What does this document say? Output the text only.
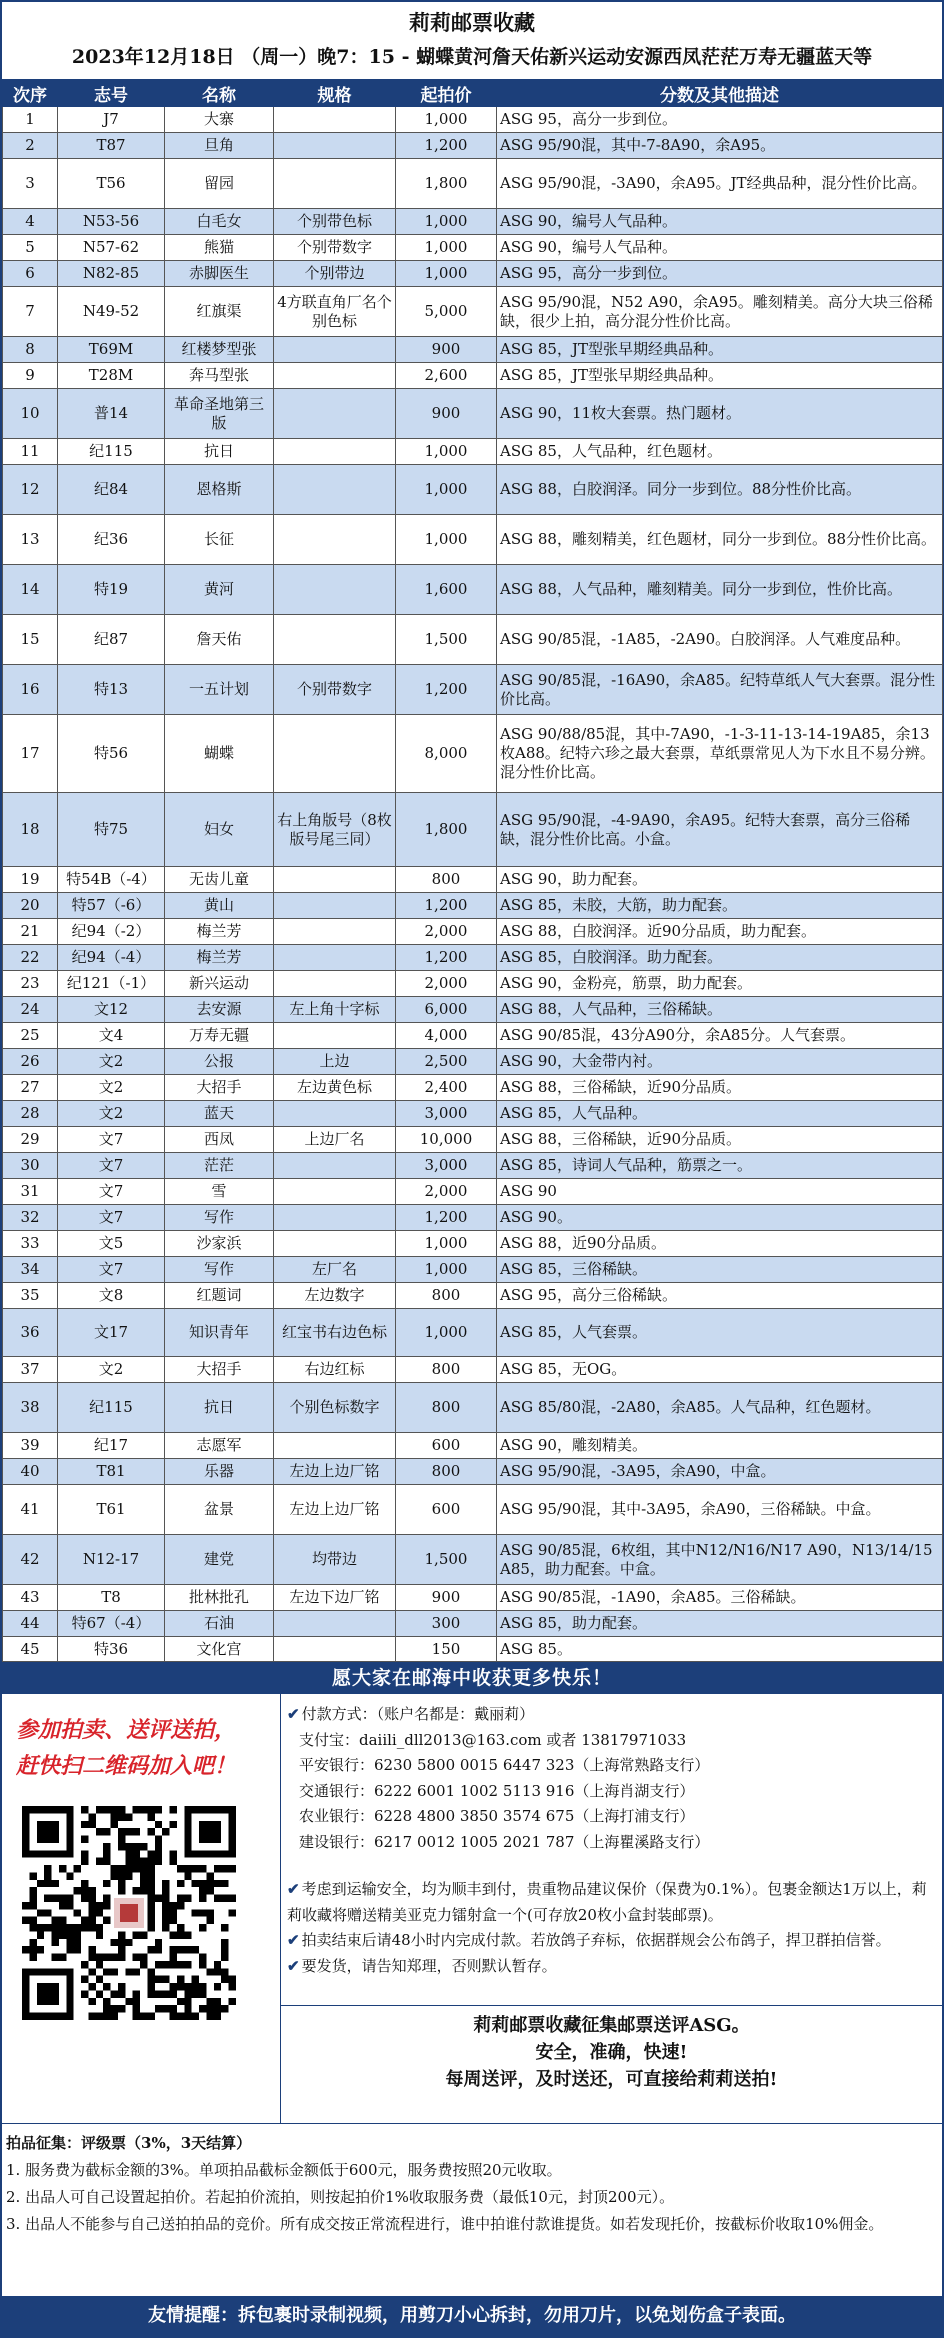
莉莉邮票收藏
2023年12月18日 （周一）晚7：15 - 蝴蝶黄河詹天佑新兴运动安源西凤茫茫万寿无疆蓝天等
次序	志号	名称	规格	起拍价	分数及其他描述
1	J7	大寨		1,000	ASG 95，高分一步到位。
2	T87	旦角		1,200	ASG 95/90混，其中-7-8A90，余A95。
3	T56	留园		1,800	ASG 95/90混，-3A90，余A95。JT经典品种，混分性价比高。
4	N53-56	白毛女	个别带色标	1,000	ASG 90，编号人气品种。
5	N57-62	熊猫	个别带数字	1,000	ASG 90，编号人气品种。
6	N82-85	赤脚医生	个别带边	1,000	ASG 95，高分一步到位。
7	N49-52	红旗渠	4方联直角厂名个别色标	5,000	ASG 95/90混，N52 A90，余A95。雕刻精美。高分大块三俗稀缺，很少上拍，高分混分性价比高。
8	T69M	红楼梦型张		900	ASG 85，JT型张早期经典品种。
9	T28M	奔马型张		2,600	ASG 85，JT型张早期经典品种。
10	普14	革命圣地第三版		900	ASG 90，11枚大套票。热门题材。
11	纪115	抗日		1,000	ASG 85，人气品种，红色题材。
12	纪84	恩格斯		1,000	ASG 88，白胶润泽。同分一步到位。88分性价比高。
13	纪36	长征		1,000	ASG 88，雕刻精美，红色题材，同分一步到位。88分性价比高。
14	特19	黄河		1,600	ASG 88，人气品种，雕刻精美。同分一步到位，性价比高。
15	纪87	詹天佑		1,500	ASG 90/85混，-1A85，-2A90。白胶润泽。人气难度品种。
16	特13	一五计划	个别带数字	1,200	ASG 90/85混，-16A90，余A85。纪特草纸人气大套票。混分性价比高。
17	特56	蝴蝶		8,000	ASG 90/88/85混，其中-7A90，-1-3-11-13-14-19A85，余13枚A88。纪特六珍之最大套票，草纸票常见人为下水且不易分辨。混分性价比高。
18	特75	妇女	右上角版号（8枚版号尾三同）	1,800	ASG 95/90混，-4-9A90，余A95。纪特大套票，高分三俗稀缺，混分性价比高。小盒。
19	特54B（-4）	无齿儿童		800	ASG 90，助力配套。
20	特57（-6）	黄山		1,200	ASG 85，未胶，大筋，助力配套。
21	纪94（-2）	梅兰芳		2,000	ASG 88，白胶润泽。近90分品质，助力配套。
22	纪94（-4）	梅兰芳		1,200	ASG 85，白胶润泽。助力配套。
23	纪121（-1）	新兴运动		2,000	ASG 90，金粉亮，筋票，助力配套。
24	文12	去安源	左上角十字标	6,000	ASG 88，人气品种，三俗稀缺。
25	文4	万寿无疆		4,000	ASG 90/85混，43分A90分，余A85分。人气套票。
26	文2	公报	上边	2,500	ASG 90，大金带内衬。
27	文2	大招手	左边黄色标	2,400	ASG 88，三俗稀缺，近90分品质。
28	文2	蓝天		3,000	ASG 85，人气品种。
29	文7	西凤	上边厂名	10,000	ASG 88，三俗稀缺，近90分品质。
30	文7	茫茫		3,000	ASG 85，诗词人气品种，筋票之一。
31	文7	雪		2,000	ASG 90
32	文7	写作		1,200	ASG 90。
33	文5	沙家浜		1,000	ASG 88，近90分品质。
34	文7	写作	左厂名	1,000	ASG 85，三俗稀缺。
35	文8	红题词	左边数字	800	ASG 95，高分三俗稀缺。
36	文17	知识青年	红宝书右边色标	1,000	ASG 85，人气套票。
37	文2	大招手	右边红标	800	ASG 85，无OG。
38	纪115	抗日	个别色标数字	800	ASG 85/80混，-2A80，余A85。人气品种，红色题材。
39	纪17	志愿军		600	ASG 90，雕刻精美。
40	T81	乐器	左边上边厂铭	800	ASG 95/90混，-3A95，余A90，中盒。
41	T61	盆景	左边上边厂铭	600	ASG 95/90混，其中-3A95，余A90，三俗稀缺。中盒。
42	N12-17	建党	均带边	1,500	ASG 90/85混，6枚组，其中N12/N16/N17 A90，N13/14/15 A85，助力配套。中盒。
43	T8	批林批孔	左边下边厂铭	900	ASG 90/85混，-1A90，余A85。三俗稀缺。
44	特67（-4）	石油		300	ASG 85，助力配套。
45	特36	文化宫		150	ASG 85。
愿大家在邮海中收获更多快乐！
参加拍卖、送评送拍，
赶快扫二维码加入吧！
✔ 付款方式：（账户名都是：戴丽莉）
支付宝：daiili_dll2013@163.com 或者 13817971033
平安银行：6230 5800 0015 6447 323（上海常熟路支行）
交通银行：6222 6001 1002 5113 916（上海肖湖支行）
农业银行：6228 4800 3850 3574 675（上海打浦支行）
建设银行：6217 0012 1005 2021 787（上海瞿溪路支行）
✔ 考虑到运输安全，均为顺丰到付，贵重物品建议保价（保费为0.1%）。包裹金额达1万以上，莉莉收藏将赠送精美亚克力镭射盒一个(可存放20枚小盒封装邮票)。
✔ 拍卖结束后请48小时内完成付款。若放鸽子弃标，依据群规会公布鸽子，捍卫群拍信誉。
✔ 要发货，请告知郑理，否则默认暂存。
莉莉邮票收藏征集邮票送评ASG。
安全，准确，快速!
每周送评，及时送还，可直接给莉莉送拍!
拍品征集：评级票（3%，3天结算）
1. 服务费为截标金额的3%。单项拍品截标金额低于600元，服务费按照20元收取。
2. 出品人可自己设置起拍价。若起拍价流拍，则按起拍价1%收取服务费（最低10元，封顶200元）。
3. 出品人不能参与自己送拍拍品的竞价。所有成交按正常流程进行，谁中拍谁付款谁提货。如若发现托价，按截标价收取10%佣金。
友情提醒：拆包裹时录制视频，用剪刀小心拆封，勿用刀片，以免划伤盒子表面。
